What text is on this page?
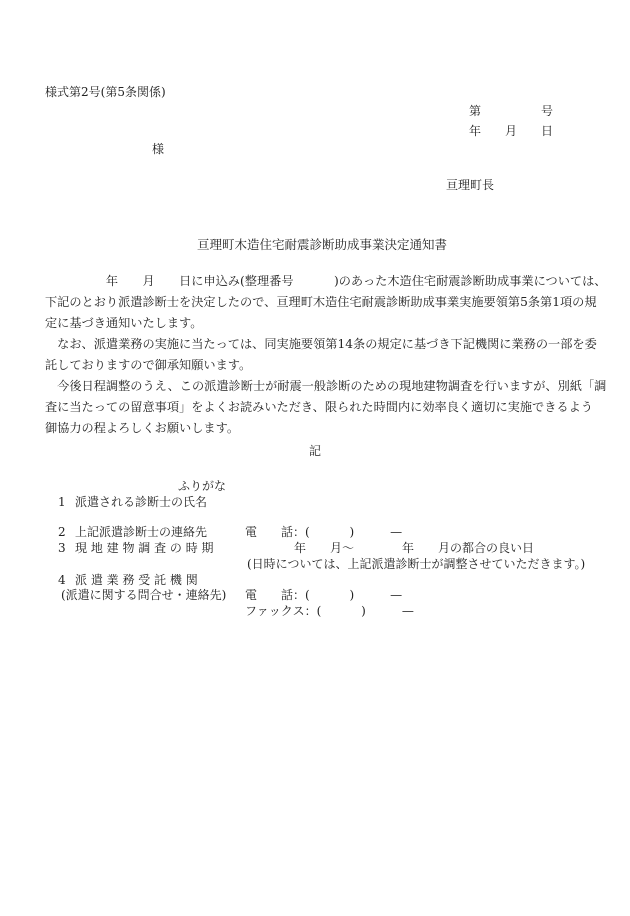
様式第2号(第5条関係)
第　　　　　号
年　　月　　日
様
亘理町長
亘理町木造住宅耐震診断助成事業決定通知書
　　　　　年　　月　　日に申込み(整理番号　　　 )のあった木造住宅耐震診断助成事業については、
下記のとおり派遣診断士を決定したので、亘理町木造住宅耐震診断助成事業実施要領第5条第1項の規
定に基づき通知いたします。
　なお、派遣業務の実施に当たっては、同実施要領第14条の規定に基づき下記機関に業務の一部を委
託しておりますので御承知願います。
　今後日程調整のうえ、この派遣診断士が耐震一般診断のための現地建物調査を行いますが、別紙「調
査に当たっての留意事項」をよくお読みいただき、限られた時間内に効率良く適切に実施できるよう
御協力の程よろしくお願いします。
記
ふりがな
1 派遣される診断士の氏名
2 上記派遣診断士の連絡先	電　　話：(　　　 )　　　—
3 現 地 建 物 調 査 の 時 期	年　　月～　　　　年　　月の都合の良い日
(日時については、上記派遣診断士が調整させていただきます。)
4 派 遣 業 務 受 託 機 関
(派遣に関する問合せ・連絡先) 電　　話：(　　　 )　　　—
ファックス：(　　　 )　　　—
